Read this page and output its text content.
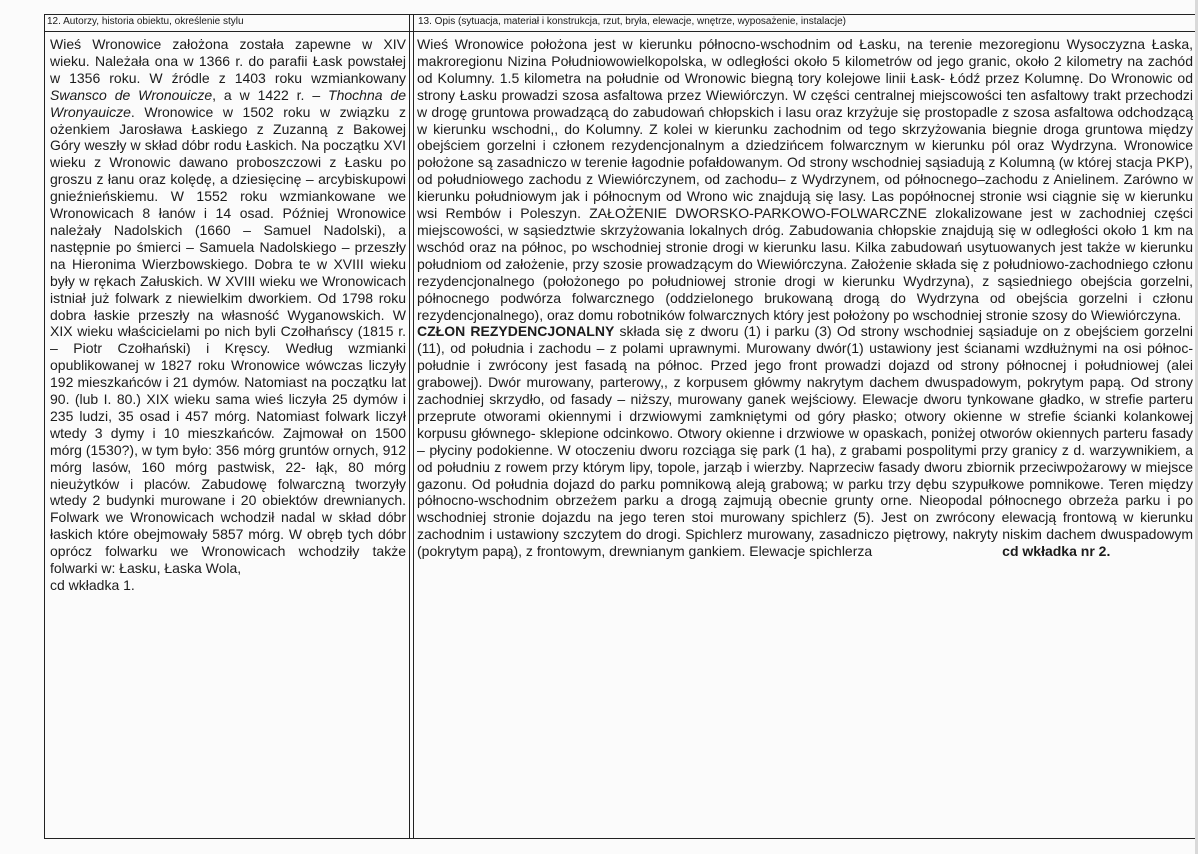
12. Autorzy, historia obiektu, określenie stylu

Wieś Wronowice założona została zapewne w XIV wieku. Należała ona w 1366 r. do parafii Łask powstałej w 1356 roku. W źródle z 1403 roku wzmiankowany Swansco de Wronouicze, a w 1422 r. – Thochna de Wronyauicze. Wronowice w 1502 roku w związku z ożenkiem Jarosława Łaskiego z Zuzanną z Bakowej Góry weszły w skład dóbr rodu Łaskich. Na początku XVI wieku z Wronowic dawano proboszczowi z Łasku po groszu z łanu oraz kolędę, a dziesięcinę – arcybiskupowi gnieźnieńskiemu. W 1552 roku wzmiankowane we Wronowicach 8 łanów i 14 osad. Później Wronowice należały Nadolskich (1660 – Samuel Nadolski), a następnie po śmierci – Samuela Nadolskiego – przeszły na Hieronima Wierzbowskiego. Dobra te w XVIII wieku były w rękach Załuskich. W XVIII wieku we Wronowicach istniał już folwark z niewielkim dworkiem. Od 1798 roku dobra łaskie przeszły na własność Wyganowskich. W XIX wieku właścicielami po nich byli Czołhańscy (1815 r. – Piotr Czołhański) i Kręscy. Według wzmianki opublikowanej w 1827 roku Wronowice wówczas liczyły 192 mieszkańców i 21 dymów. Natomiast na początku lat 90. (lub I. 80.) XIX wieku sama wieś liczyła 25 dymów i 235 ludzi, 35 osad i 457 mórg. Natomiast folwark liczył wtedy 3 dymy i 10 mieszkańców. Zajmował on 1500 mórg (1530?), w tym było: 356 mórg gruntów ornych, 912 mórg lasów, 160 mórg pastwisk, 22- łąk, 80 mórg nieużytków i placów. Zabudowę folwarczną tworzyły wtedy 2 budynki murowane i 20 obiektów drewnianych. Folwark we Wronowicach wchodził nadal w skład dóbr łaskich które obejmowały 5857 mórg. W obręb tych dóbr oprócz folwarku we Wronowicach wchodziły także folwarki w: Łasku, Łaska Wola,

cd wkładka 1.

13. Opis (sytuacja, materiał i konstrukcja, rzut, bryła, elewacje, wnętrze, wyposażenie, instalacje)

Wieś Wronowice położona jest w kierunku północno-wschodnim od Łasku, na terenie mezoregionu Wysoczyzna Łaska, makroregionu Nizina Południowowielkopolska, w odległości około 5 kilometrów od jego granic, około 2 kilometry na zachód od Kolumny. 1.5 kilometra na południe od Wronowic biegną tory kolejowe linii Łask- Łódź przez Kolumnę. Do Wronowic od strony Łasku prowadzi szosa asfaltowa przez Wiewiórczyn. W części centralnej miejscowości ten asfaltowy trakt przechodzi w drogę gruntowa prowadzącą do zabudowań chłopskich i lasu oraz krzyżuje się prostopadle z szosa asfaltowa odchodzącą w kierunku wschodni,, do Kolumny. Z kolei w kierunku zachodnim od tego skrzyżowania biegnie droga gruntowa między obejściem gorzelni i członem rezydencjonalnym a dziedzińcem folwarcznym w kierunku pól oraz Wydrzyna. Wronowice położone są zasadniczo w terenie łagodnie pofałdowanym. Od strony wschodniej sąsiadują z Kolumną (w której stacja PKP), od południowego zachodu z Wiewiórczynem, od zachodu– z Wydrzynem, od północnego–zachodu z Anielinem. Zarówno w kierunku południowym jak i północnym od Wrono wic znajdują się lasy. Las popółnocnej stronie wsi ciągnie się w kierunku wsi Rembów i Poleszyn. ZAŁOŻENIE DWORSKO-PARKOWO-FOLWARCZNE zlokalizowane jest w zachodniej części miejscowości, w sąsiedztwie skrzyżowania lokalnych dróg. Zabudowania chłopskie znajdują się w odległości około 1 km na wschód oraz na północ, po wschodniej stronie drogi w kierunku lasu. Kilka zabudowań usytuowanych jest także w kierunku południom od założenie, przy szosie prowadzącym do Wiewiórczyna. Założenie składa się z południowo-zachodniego członu rezydencjonalnego (położonego po południowej stronie drogi w kierunku Wydrzyna), z sąsiedniego obejścia gorzelni, północnego podwórza folwarcznego (oddzielonego brukowaną drogą do Wydrzyna od obejścia gorzelni i członu rezydencjonalnego), oraz domu robotników folwarcznych który jest położony po wschodniej stronie szosy do Wiewiórczyna.

CZŁON REZYDENCJONALNY składa się z dworu (1) i parku (3) Od strony wschodniej sąsiaduje on z obejściem gorzelni (11), od południa i zachodu – z polami uprawnymi. Murowany dwór(1) ustawiony jest ścianami wzdłużnymi na osi północ-południe i zwrócony jest fasadą na północ. Przed jego front prowadzi dojazd od strony północnej i południowej (alei grabowej). Dwór murowany, parterowy,, z korpusem główmy nakrytym dachem dwuspadowym, pokrytym papą. Od strony zachodniej skrzydło, od fasady – niższy, murowany ganek wejściowy. Elewacje dworu tynkowane gładko, w strefie parteru przeprute otworami okiennymi i drzwiowymi zamkniętymi od góry płasko; otwory okienne w strefie ścianki kolankowej korpusu głównego- sklepione odcinkowo. Otwory okienne i drzwiowe w opaskach, poniżej otworów okiennych parteru fasady – płyciny podokienne. W otoczeniu dworu rozciąga się park (1 ha), z grabami pospolitymi przy granicy z d. warzywnikiem, a od południu z rowem przy którym lipy, topole, jarząb i wierzby. Naprzeciw fasady dworu zbiornik przeciwpożarowy w miejsce gazonu. Od południa dojazd do parku pomnikową aleją grabową; w parku trzy dębu szypułkowe pomnikowe. Teren między północno-wschodnim obrzeżem parku a drogą zajmują obecnie grunty orne. Nieopodal północnego obrzeża parku i po wschodniej stronie dojazdu na jego teren stoi murowany spichlerz (5). Jest on zwrócony elewacją frontową w kierunku zachodnim i ustawiony szczytem do drogi. Spichlerz murowany, zasadniczo piętrowy, nakryty niskim dachem dwuspadowym (pokrytym papą), z frontowym, drewnianym gankiem. Elewacje spichlerza	cd wkładka nr 2.
